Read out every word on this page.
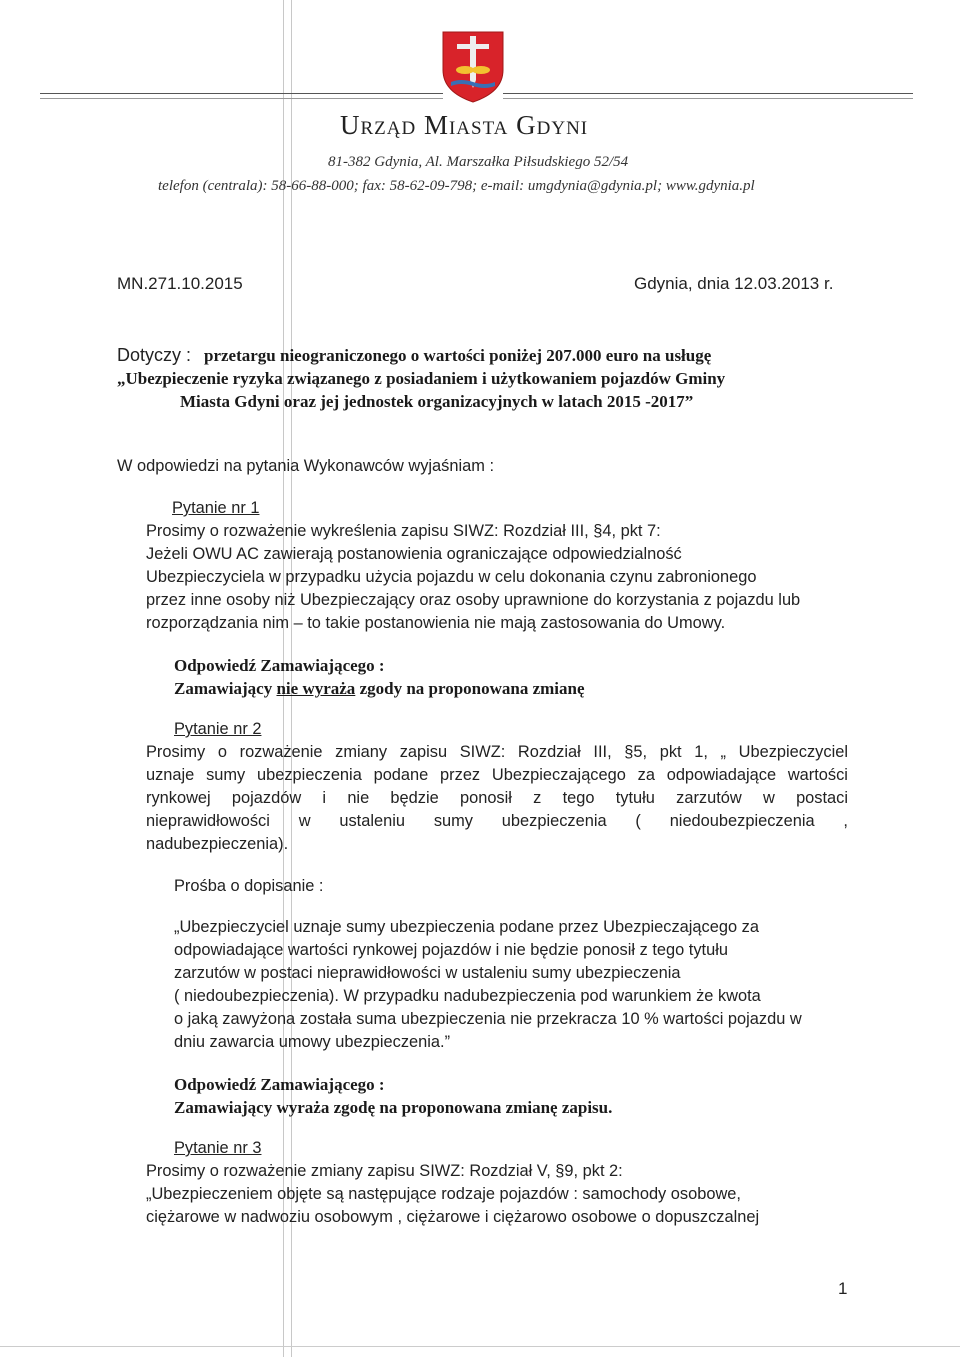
Urząd Miasta Gdyni
81-382 Gdynia, Al. Marszałka Piłsudskiego 52/54
telefon (centrala): 58-66-88-000; fax: 58-62-09-798; e-mail: umgdynia@gdynia.pl; www.gdynia.pl
MN.271.10.2015	Gdynia, dnia 12.03.2013 r.
Dotyczy : przetargu nieograniczonego o wartości poniżej 207.000 euro na usługę
„Ubezpieczenie ryzyka związanego z posiadaniem i użytkowaniem pojazdów Gminy
Miasta Gdyni oraz jej jednostek organizacyjnych w latach 2015 -2017”
W odpowiedzi na pytania Wykonawców wyjaśniam :
Pytanie nr 1
Prosimy o rozważenie wykreślenia zapisu SIWZ: Rozdział III, §4, pkt 7:
Jeżeli OWU AC zawierają postanowienia ograniczające odpowiedzialność
Ubezpieczyciela w przypadku użycia pojazdu w celu dokonania czynu zabronionego
przez inne osoby niż Ubezpieczający oraz osoby uprawnione do korzystania z pojazdu lub
rozporządzania nim – to takie postanowienia nie mają zastosowania do Umowy.
Odpowiedź Zamawiającego :
Zamawiający nie wyraża zgody na proponowana zmianę
Pytanie nr 2
Prosimy o rozważenie zmiany zapisu SIWZ: Rozdział III, §5, pkt 1, „ Ubezpieczyciel
uznaje sumy ubezpieczenia podane przez Ubezpieczającego za odpowiadające wartości
rynkowej pojazdów i nie będzie ponosił z tego tytułu zarzutów w postaci
nieprawidłowości w ustaleniu sumy ubezpieczenia ( niedoubezpieczenia ,
nadubezpieczenia).
Prośba o dopisanie :
„Ubezpieczyciel uznaje sumy ubezpieczenia podane przez Ubezpieczającego za
odpowiadające wartości rynkowej pojazdów i nie będzie ponosił z tego tytułu
zarzutów w postaci nieprawidłowości w ustaleniu sumy ubezpieczenia
( niedoubezpieczenia). W przypadku nadubezpieczenia pod warunkiem że kwota
o jaką zawyżona została suma ubezpieczenia nie przekracza 10 % wartości pojazdu w
dniu zawarcia umowy ubezpieczenia.”
Odpowiedź Zamawiającego :
Zamawiający wyraża zgodę na proponowana zmianę zapisu.
Pytanie nr 3
Prosimy o rozważenie zmiany zapisu SIWZ: Rozdział V, §9, pkt 2:
„Ubezpieczeniem objęte są następujące rodzaje pojazdów : samochody osobowe,
ciężarowe w nadwoziu osobowym , ciężarowe i ciężarowo osobowe o dopuszczalnej
1
